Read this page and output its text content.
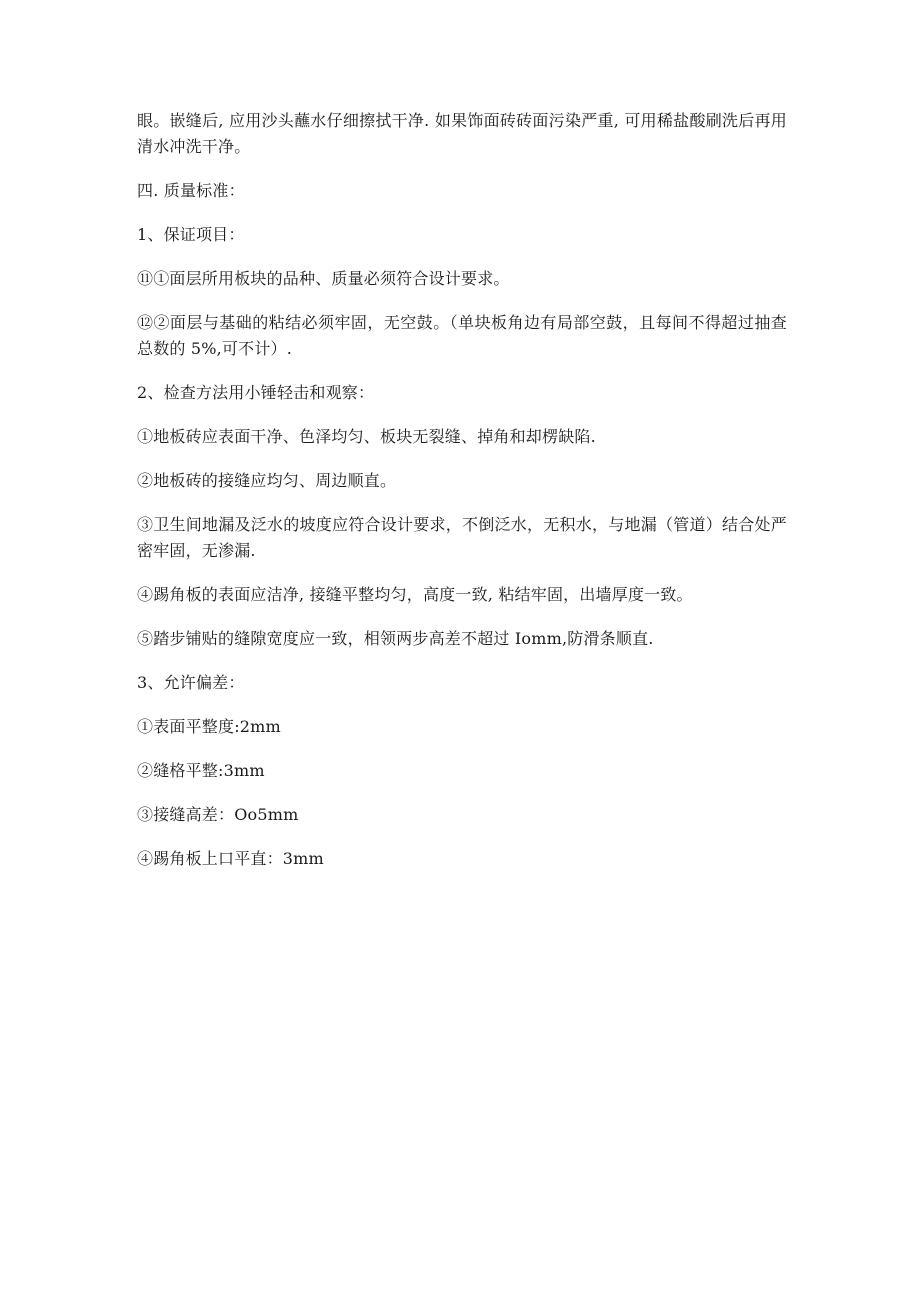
眼。嵌缝后, 应用沙头蘸水仔细擦拭干净. 如果饰面砖砖面污染严重, 可用稀盐酸刷洗后再用清水冲洗干净。

四. 质量标准：

1、保证项目：

⑪①面层所用板块的品种、质量必须符合设计要求。

⑫②面层与基础的粘结必须牢固，无空鼓。（单块板角边有局部空鼓，且每间不得超过抽查总数的 5%,可不计）.

2、检查方法用小锤轻击和观察：

①地板砖应表面干净、色泽均匀、板块无裂缝、掉角和却楞缺陷.

②地板砖的接缝应均匀、周边顺直。

③卫生间地漏及泛水的坡度应符合设计要求，不倒泛水，无积水，与地漏（管道）结合处严密牢固，无渗漏.

④踢角板的表面应洁净, 接缝平整均匀，高度一致, 粘结牢固，出墙厚度一致。

⑤踏步铺贴的缝隙宽度应一致，相领两步高差不超过 Iomm,防滑条顺直.

3、允许偏差：

①表面平整度:2mm

②缝格平整:3mm

③接缝高差：Oo5mm

④踢角板上口平直：3mm
